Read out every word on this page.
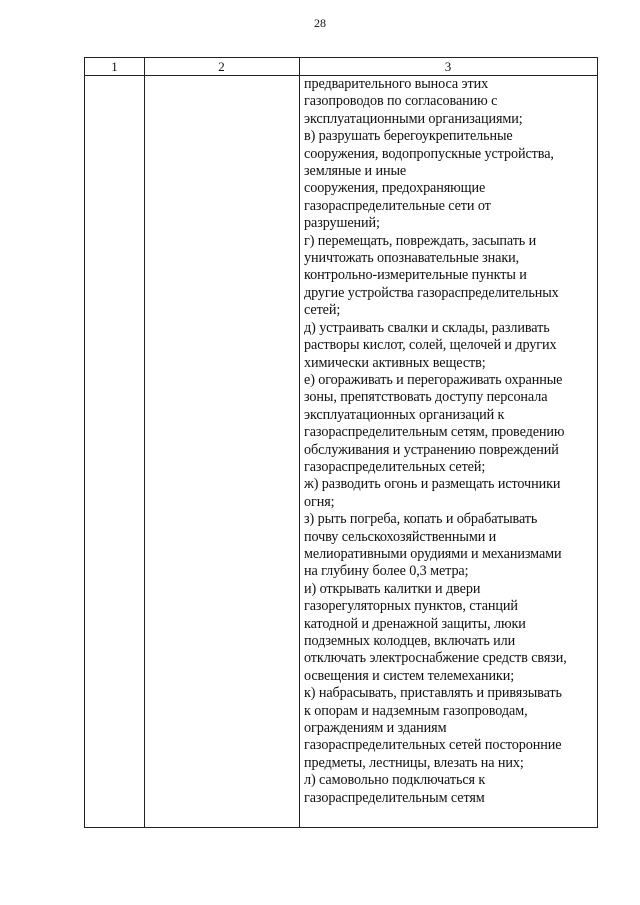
28
1	2	3
предварительного выноса этих
газопроводов по согласованию с
эксплуатационными организациями;
в) разрушать берегоукрепительные
сооружения, водопропускные устройства,
земляные и иные
сооружения, предохраняющие
газораспределительные сети от
разрушений;
г) перемещать, повреждать, засыпать и
уничтожать опознавательные знаки,
контрольно-измерительные пункты и
другие устройства газораспределительных
сетей;
д) устраивать свалки и склады, разливать
растворы кислот, солей, щелочей и других
химически активных веществ;
е) огораживать и перегораживать охранные
зоны, препятствовать доступу персонала
эксплуатационных организаций к
газораспределительным сетям, проведению
обслуживания и устранению повреждений
газораспределительных сетей;
ж) разводить огонь и размещать источники
огня;
з) рыть погреба, копать и обрабатывать
почву сельскохозяйственными и
мелиоративными орудиями и механизмами
на глубину более 0,3 метра;
и) открывать калитки и двери
газорегуляторных пунктов, станций
катодной и дренажной защиты, люки
подземных колодцев, включать или
отключать электроснабжение средств связи,
освещения и систем телемеханики;
к) набрасывать, приставлять и привязывать
к опорам и надземным газопроводам,
ограждениям и зданиям
газораспределительных сетей посторонние
предметы, лестницы, влезать на них;
л) самовольно подключаться к
газораспределительным сетям
